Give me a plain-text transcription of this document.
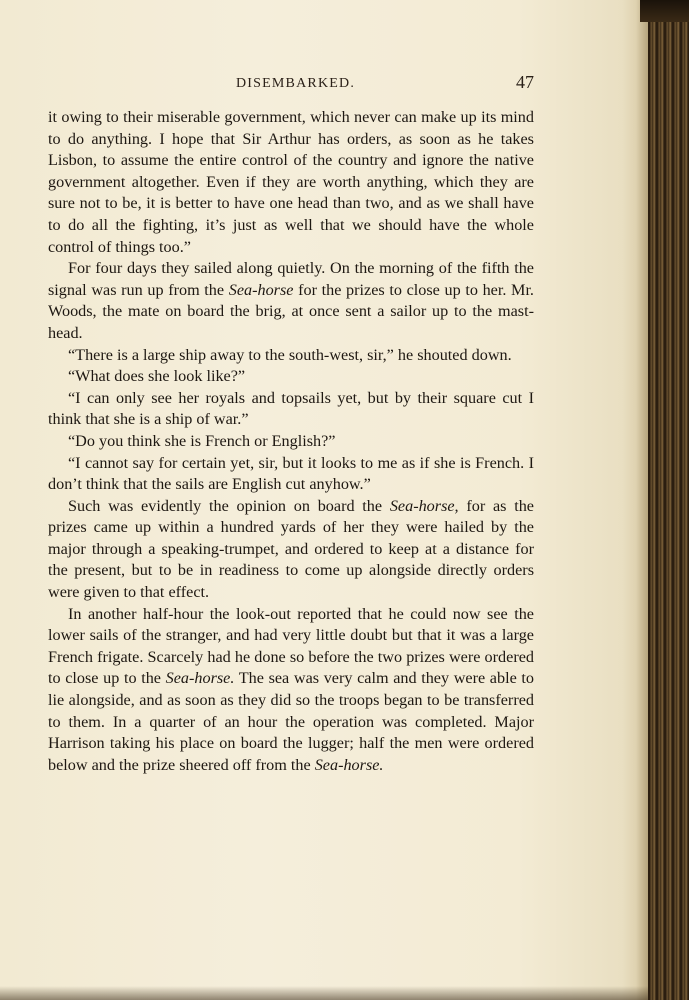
DISEMBARKED.	47

it owing to their miserable government, which never can make up its mind to do anything. I hope that Sir Arthur has orders, as soon as he takes Lisbon, to assume the entire control of the country and ignore the native government altogether. Even if they are worth anything, which they are sure not to be, it is better to have one head than two, and as we shall have to do all the fighting, it’s just as well that we should have the whole control of things too.”

For four days they sailed along quietly. On the morning of the fifth the signal was run up from the Sea-horse for the prizes to close up to her. Mr. Woods, the mate on board the brig, at once sent a sailor up to the mast-head.

“There is a large ship away to the south-west, sir,” he shouted down.

“What does she look like?”

“I can only see her royals and topsails yet, but by their square cut I think that she is a ship of war.”

“Do you think she is French or English?”

“I cannot say for certain yet, sir, but it looks to me as if she is French. I don’t think that the sails are English cut anyhow.”

Such was evidently the opinion on board the Sea-horse, for as the prizes came up within a hundred yards of her they were hailed by the major through a speaking-trumpet, and ordered to keep at a distance for the present, but to be in readiness to come up alongside directly orders were given to that effect.

In another half-hour the look-out reported that he could now see the lower sails of the stranger, and had very little doubt but that it was a large French frigate. Scarcely had he done so before the two prizes were ordered to close up to the Sea-horse. The sea was very calm and they were able to lie alongside, and as soon as they did so the troops began to be transferred to them. In a quarter of an hour the operation was completed. Major Harrison taking his place on board the lugger; half the men were ordered below and the prize sheered off from the Sea-horse.
